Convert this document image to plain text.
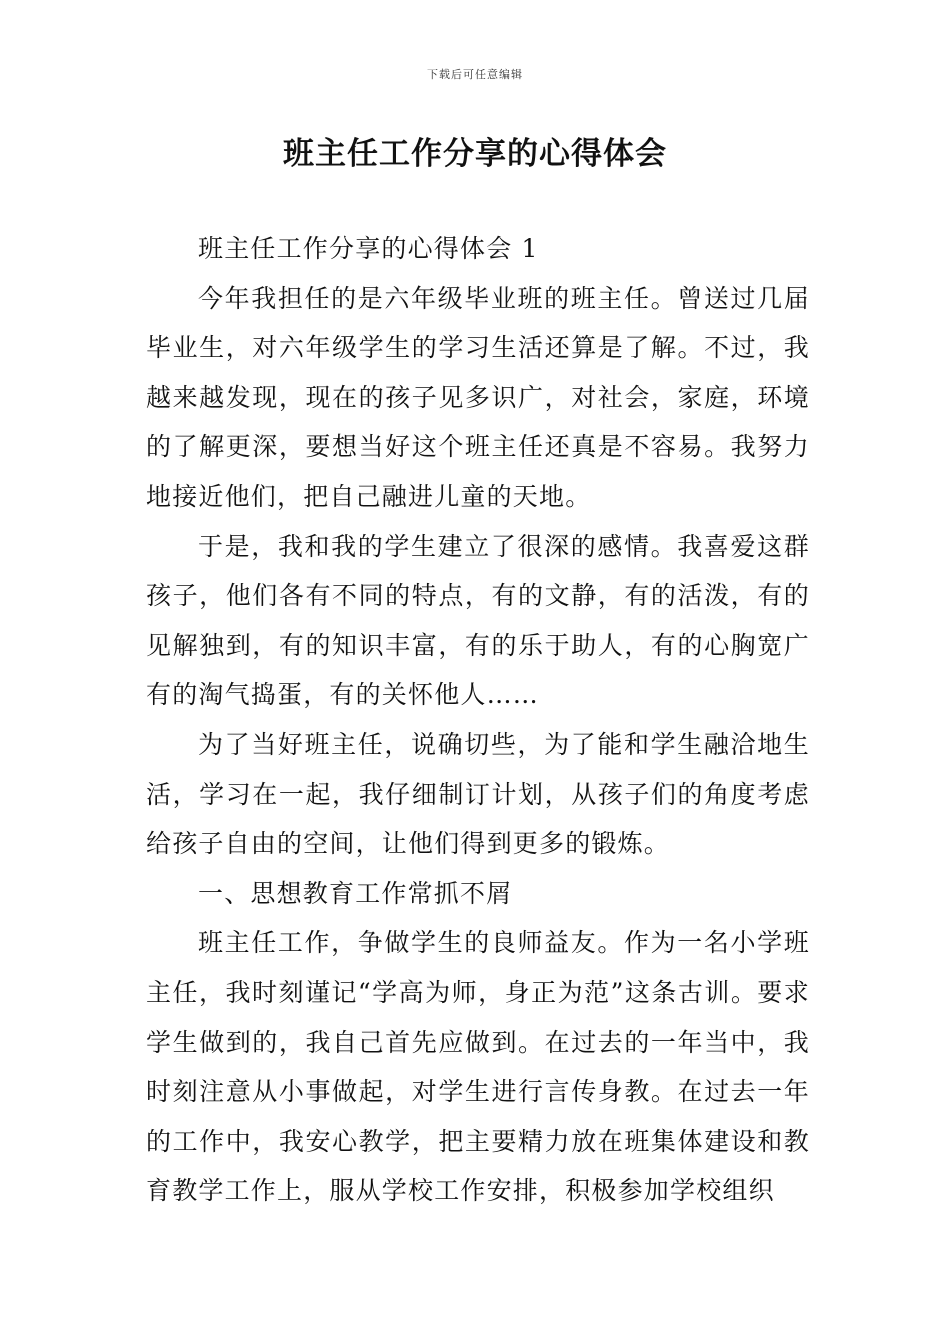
下载后可任意编辑
班主任工作分享的心得体会

班主任工作分享的心得体会 1

今年我担任的是六年级毕业班的班主任。曾送过几届毕业生，对六年级学生的学习生活还算是了解。不过，我越来越发现，现在的孩子见多识广，对社会，家庭，环境的了解更深，要想当好这个班主任还真是不容易。我努力地接近他们，把自己融进儿童的天地。

于是，我和我的学生建立了很深的感情。我喜爱这群孩子，他们各有不同的特点，有的文静，有的活泼，有的见解独到，有的知识丰富，有的乐于助人，有的心胸宽广有的淘气捣蛋，有的关怀他人……

为了当好班主任，说确切些，为了能和学生融洽地生活，学习在一起，我仔细制订计划，从孩子们的角度考虑给孩子自由的空间，让他们得到更多的锻炼。

一、思想教育工作常抓不屑

班主任工作，争做学生的良师益友。作为一名小学班主任，我时刻谨记“学高为师，身正为范”这条古训。要求学生做到的，我自己首先应做到。在过去的一年当中，我时刻注意从小事做起，对学生进行言传身教。在过去一年的工作中，我安心教学，把主要精力放在班集体建设和教育教学工作上，服从学校工作安排，积极参加学校组织
